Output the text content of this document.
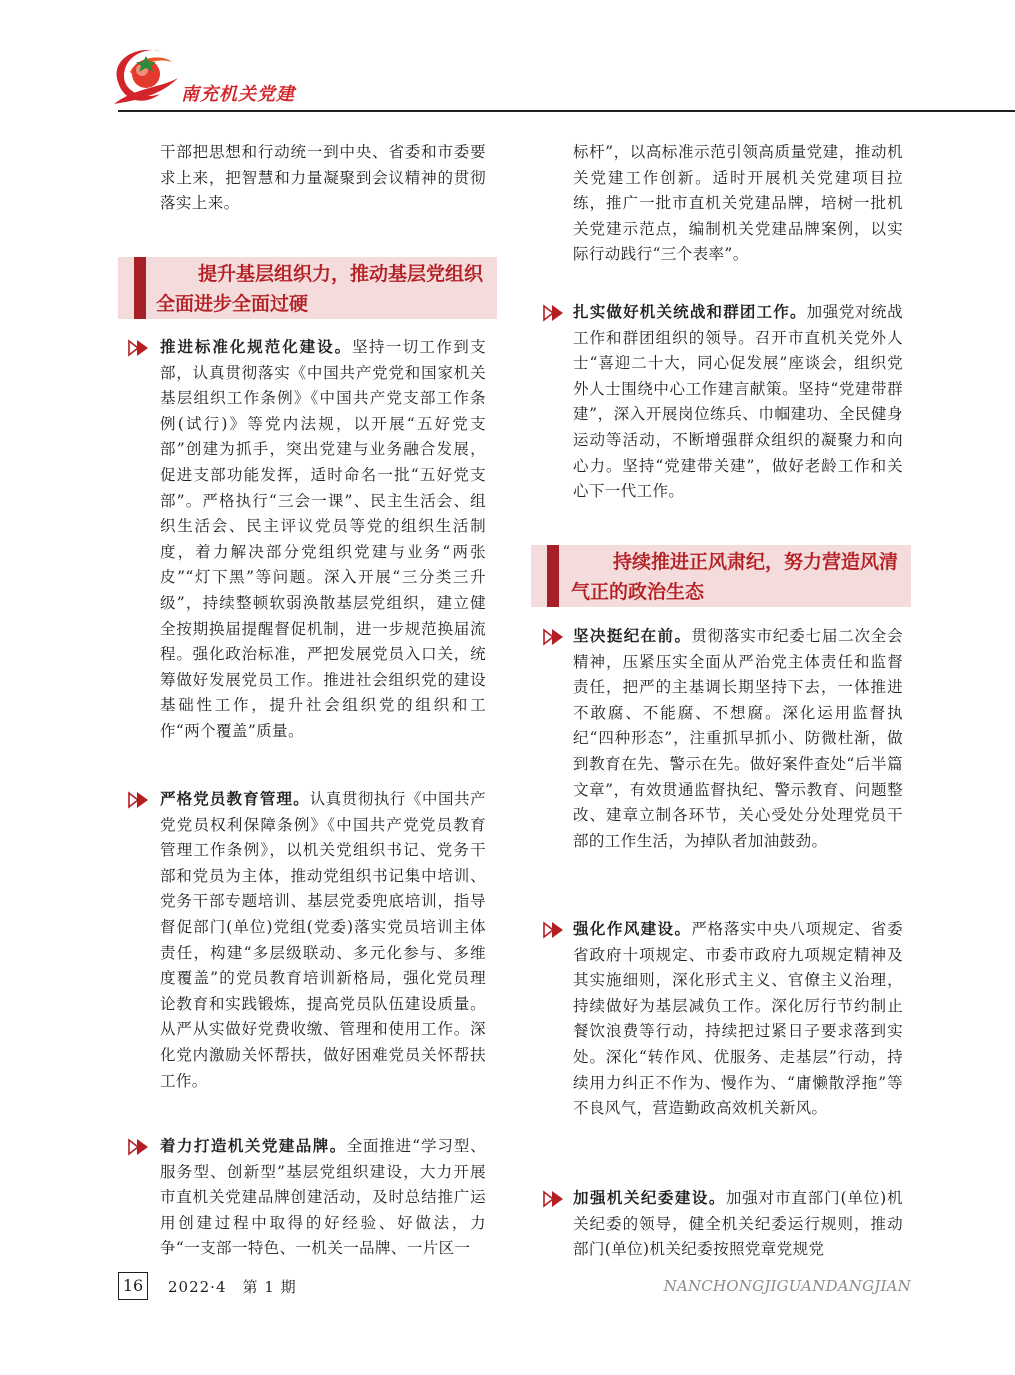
南充机关党建

干部把思想和行动统一到中央、省委和市委要求上来，把智慧和力量凝聚到会议精神的贯彻落实上来。

提升基层组织力，推动基层党组织全面进步全面过硬

推进标准化规范化建设。坚持一切工作到支部，认真贯彻落实《中国共产党党和国家机关基层组织工作条例》《中国共产党支部工作条例(试行)》等党内法规，以开展“五好党支部”创建为抓手，突出党建与业务融合发展，促进支部功能发挥，适时命名一批“五好党支部”。严格执行“三会一课”、民主生活会、组织生活会、民主评议党员等党的组织生活制度，着力解决部分党组织党建与业务“两张皮”“灯下黑”等问题。深入开展“三分类三升级”，持续整顿软弱涣散基层党组织，建立健全按期换届提醒督促机制，进一步规范换届流程。强化政治标准，严把发展党员入口关，统筹做好发展党员工作。推进社会组织党的建设基础性工作，提升社会组织党的组织和工作“两个覆盖”质量。

严格党员教育管理。认真贯彻执行《中国共产党党员权利保障条例》《中国共产党党员教育管理工作条例》，以机关党组织书记、党务干部和党员为主体，推动党组织书记集中培训、党务干部专题培训、基层党委兜底培训，指导督促部门(单位)党组(党委)落实党员培训主体责任，构建“多层级联动、多元化参与、多维度覆盖”的党员教育培训新格局，强化党员理论教育和实践锻炼，提高党员队伍建设质量。从严从实做好党费收缴、管理和使用工作。深化党内激励关怀帮扶，做好困难党员关怀帮扶工作。

着力打造机关党建品牌。全面推进“学习型、服务型、创新型”基层党组织建设，大力开展市直机关党建品牌创建活动，及时总结推广运用创建过程中取得的好经验、好做法，力争“一支部一特色、一机关一品牌、一片区一

标杆”，以高标准示范引领高质量党建，推动机关党建工作创新。适时开展机关党建项目拉练，推广一批市直机关党建品牌，培树一批机关党建示范点，编制机关党建品牌案例，以实际行动践行“三个表率”。

扎实做好机关统战和群团工作。加强党对统战工作和群团组织的领导。召开市直机关党外人士“喜迎二十大，同心促发展”座谈会，组织党外人士围绕中心工作建言献策。坚持“党建带群建”，深入开展岗位练兵、巾帼建功、全民健身运动等活动，不断增强群众组织的凝聚力和向心力。坚持“党建带关建”，做好老龄工作和关心下一代工作。

持续推进正风肃纪，努力营造风清气正的政治生态

坚决挺纪在前。贯彻落实市纪委七届二次全会精神，压紧压实全面从严治党主体责任和监督责任，把严的主基调长期坚持下去，一体推进不敢腐、不能腐、不想腐。深化运用监督执纪“四种形态”，注重抓早抓小、防微杜渐，做到教育在先、警示在先。做好案件查处“后半篇文章”，有效贯通监督执纪、警示教育、问题整改、建章立制各环节，关心受处分处理党员干部的工作生活，为掉队者加油鼓劲。

强化作风建设。严格落实中央八项规定、省委省政府十项规定、市委市政府九项规定精神及其实施细则，深化形式主义、官僚主义治理，持续做好为基层减负工作。深化厉行节约制止餐饮浪费等行动，持续把过紧日子要求落到实处。深化“转作风、优服务、走基层”行动，持续用力纠正不作为、慢作为、“庸懒散浮拖”等不良风气，营造勤政高效机关新风。

加强机关纪委建设。加强对市直部门(单位)机关纪委的领导，健全机关纪委运行规则，推动部门(单位)机关纪委按照党章党规党

16	2022·4　第 1 期	NANCHONGJIGUANDANGJIAN
